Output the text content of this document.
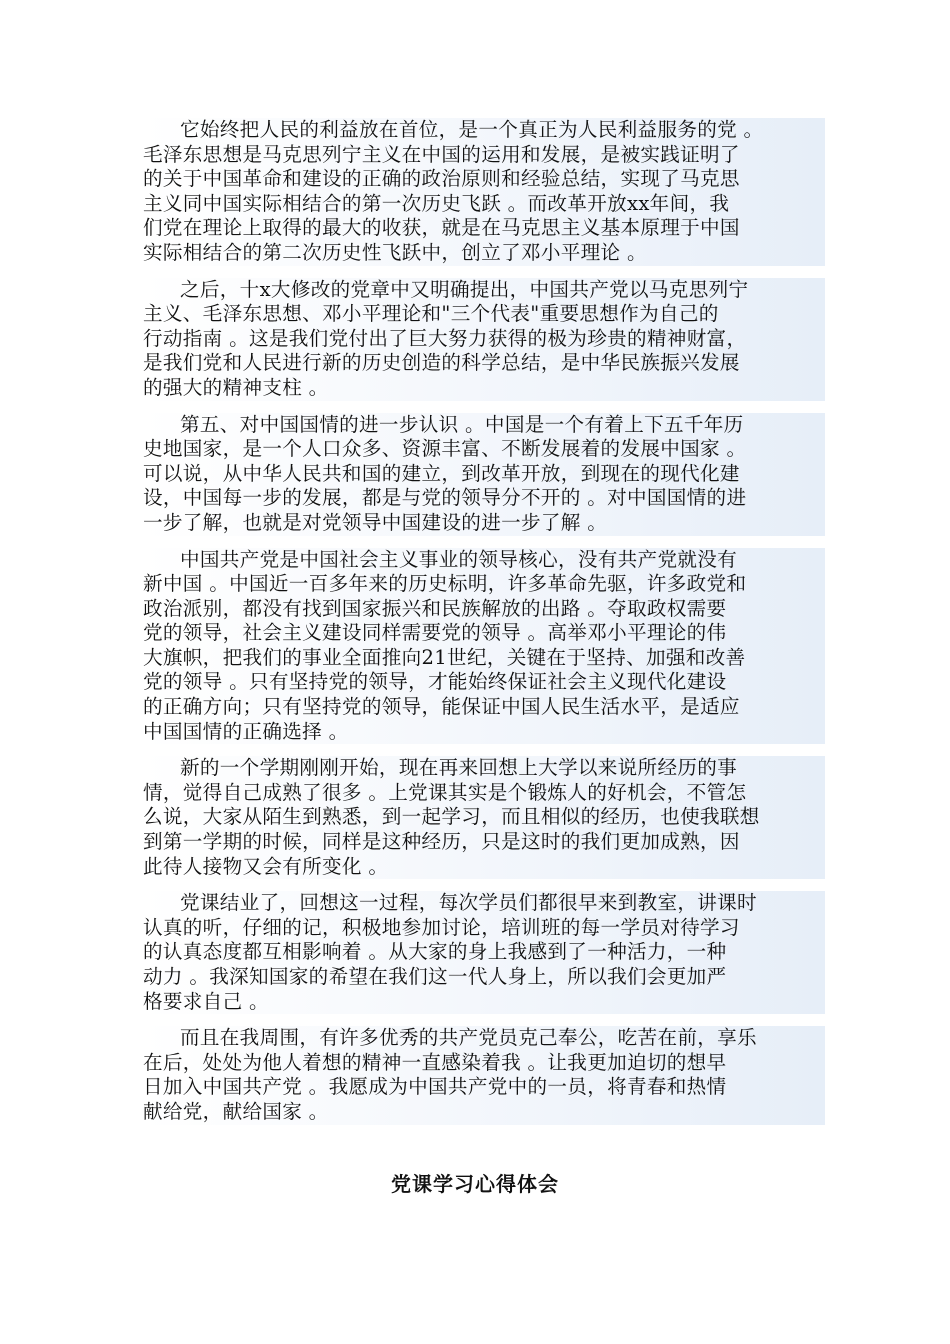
它始终把人民的利益放在首位，是一个真正为人民利益服务的党 。
毛泽东思想是马克思列宁主义在中国的运用和发展，是被实践证明了
的关于中国革命和建设的正确的政治原则和经验总结，实现了马克思
主义同中国实际相结合的第一次历史飞跃 。而改革开放xx年间，我
们党在理论上取得的最大的收获，就是在马克思主义基本原理于中国
实际相结合的第二次历史性飞跃中，创立了邓小平理论 。

之后，十x大修改的党章中又明确提出，中国共产党以马克思列宁
主义、毛泽东思想、邓小平理论和"三个代表"重要思想作为自己的
行动指南 。这是我们党付出了巨大努力获得的极为珍贵的精神财富，
是我们党和人民进行新的历史创造的科学总结，是中华民族振兴发展
的强大的精神支柱 。

第五、对中国国情的进一步认识 。中国是一个有着上下五千年历
史地国家，是一个人口众多、资源丰富、不断发展着的发展中国家 。
可以说，从中华人民共和国的建立，到改革开放，到现在的现代化建
设，中国每一步的发展，都是与党的领导分不开的 。对中国国情的进
一步了解，也就是对党领导中国建设的进一步了解 。

中国共产党是中国社会主义事业的领导核心，没有共产党就没有
新中国 。中国近一百多年来的历史标明，许多革命先驱，许多政党和
政治派别，都没有找到国家振兴和民族解放的出路 。夺取政权需要
党的领导，社会主义建设同样需要党的领导 。高举邓小平理论的伟
大旗帜，把我们的事业全面推向21世纪，关键在于坚持、加强和改善
党的领导 。只有坚持党的领导，才能始终保证社会主义现代化建设
的正确方向；只有坚持党的领导，能保证中国人民生活水平，是适应
中国国情的正确选择 。

新的一个学期刚刚开始，现在再来回想上大学以来说所经历的事
情，觉得自己成熟了很多 。上党课其实是个锻炼人的好机会，不管怎
么说，大家从陌生到熟悉，到一起学习，而且相似的经历，也使我联想
到第一学期的时候，同样是这种经历，只是这时的我们更加成熟，因
此待人接物又会有所变化 。

党课结业了，回想这一过程，每次学员们都很早来到教室，讲课时
认真的听，仔细的记，积极地参加讨论，培训班的每一学员对待学习
的认真态度都互相影响着 。从大家的身上我感到了一种活力，一种
动力 。我深知国家的希望在我们这一代人身上，所以我们会更加严
格要求自己 。

而且在我周围，有许多优秀的共产党员克己奉公，吃苦在前，享乐
在后，处处为他人着想的精神一直感染着我 。让我更加迫切的想早
日加入中国共产党 。我愿成为中国共产党中的一员，将青春和热情
献给党，献给国家 。

党课学习心得体会
